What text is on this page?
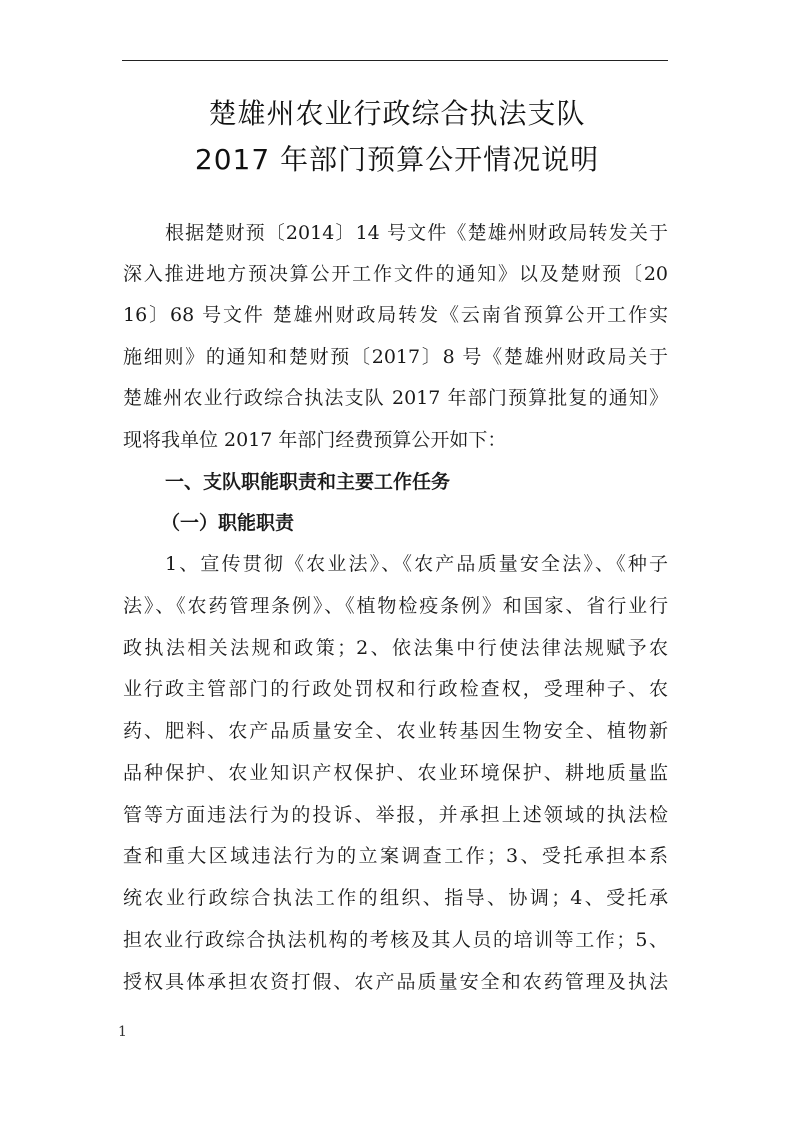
楚雄州农业行政综合执法支队
2017 年部门预算公开情况说明
根据楚财预〔2014〕14 号文件《楚雄州财政局转发关于
深入推进地方预决算公开工作文件的通知》以及楚财预〔20
16〕68 号文件 楚雄州财政局转发《云南省预算公开工作实
施细则》的通知和楚财预〔2017〕8 号《楚雄州财政局关于
楚雄州农业行政综合执法支队 2017 年部门预算批复的通知》
现将我单位 2017 年部门经费预算公开如下：
一、支队职能职责和主要工作任务
（一）职能职责
1、宣传贯彻《农业法》、《农产品质量安全法》、《种子
法》、《农药管理条例》、《植物检疫条例》和国家、省行业行
政执法相关法规和政策；2、依法集中行使法律法规赋予农
业行政主管部门的行政处罚权和行政检查权，受理种子、农
药、肥料、农产品质量安全、农业转基因生物安全、植物新
品种保护、农业知识产权保护、农业环境保护、耕地质量监
管等方面违法行为的投诉、举报，并承担上述领域的执法检
查和重大区域违法行为的立案调查工作；3、受托承担本系
统农业行政综合执法工作的组织、指导、协调；4、受托承
担农业行政综合执法机构的考核及其人员的培训等工作；5、
授权具体承担农资打假、农产品质量安全和农药管理及执法
1
